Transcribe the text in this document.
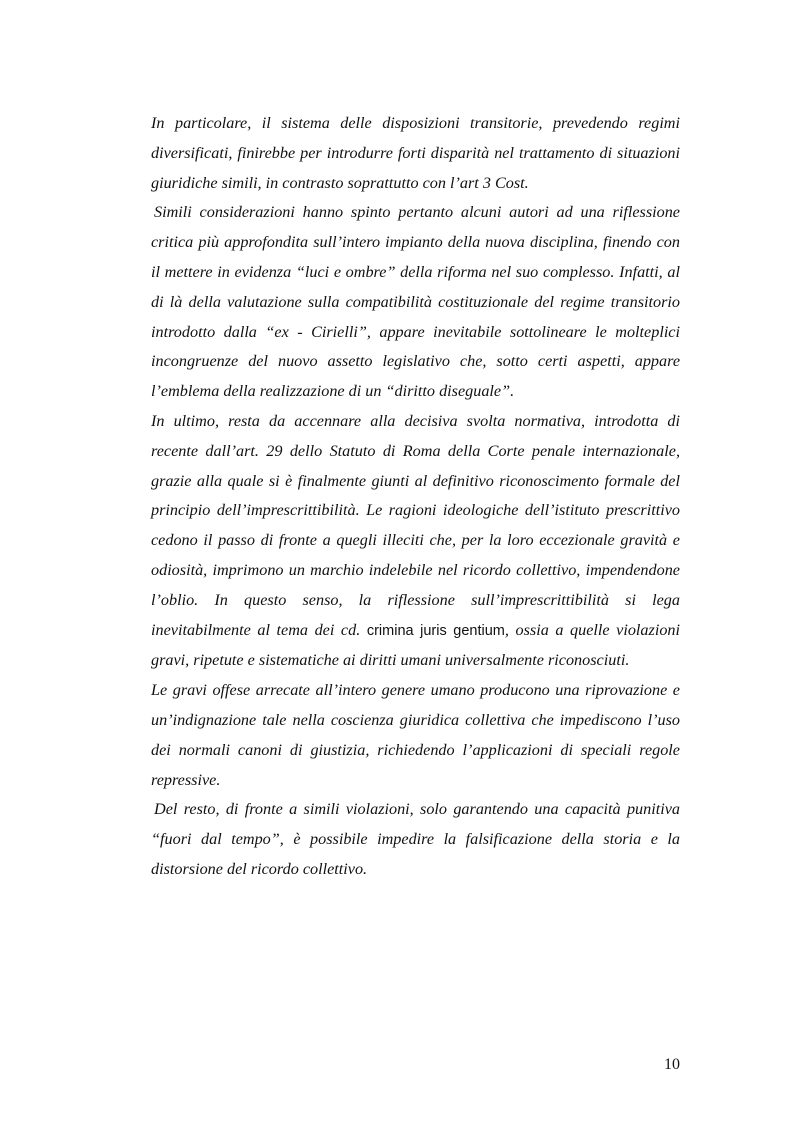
In particolare, il sistema delle disposizioni transitorie, prevedendo regimi diversificati, finirebbe per introdurre forti disparità nel trattamento di situazioni giuridiche simili, in contrasto soprattutto con l’art 3 Cost.

Simili considerazioni hanno spinto pertanto alcuni autori ad una riflessione critica più approfondita sull’intero impianto della nuova disciplina, finendo con il mettere in evidenza “luci e ombre” della riforma nel suo complesso. Infatti, al di là della valutazione sulla compatibilità costituzionale del regime transitorio introdotto dalla “ex - Cirielli”, appare inevitabile sottolineare le molteplici incongruenze del nuovo assetto legislativo che, sotto certi aspetti, appare l’emblema della realizzazione di un “diritto diseguale”.

In ultimo, resta da accennare alla decisiva svolta normativa, introdotta di recente dall’art. 29 dello Statuto di Roma della Corte penale internazionale, grazie alla quale si è finalmente giunti al definitivo riconoscimento formale del principio dell’imprescrittibilità. Le ragioni ideologiche dell’istituto prescrittivo cedono il passo di fronte a quegli illeciti che, per la loro eccezionale gravità e odiosità, imprimono un marchio indelebile nel ricordo collettivo, impendendone l’oblio. In questo senso, la riflessione sull’imprescrittibilità si lega inevitabilmente al tema dei cd. crimina juris gentium, ossia a quelle violazioni gravi, ripetute e sistematiche ai diritti umani universalmente riconosciuti.

Le gravi offese arrecate all’intero genere umano producono una riprovazione e un’indignazione tale nella coscienza giuridica collettiva che impediscono l’uso dei normali canoni di giustizia, richiedendo l’applicazioni di speciali regole repressive.

Del resto, di fronte a simili violazioni, solo garantendo una capacità punitiva “fuori dal tempo”, è possibile impedire la falsificazione della storia e la distorsione del ricordo collettivo.

10
